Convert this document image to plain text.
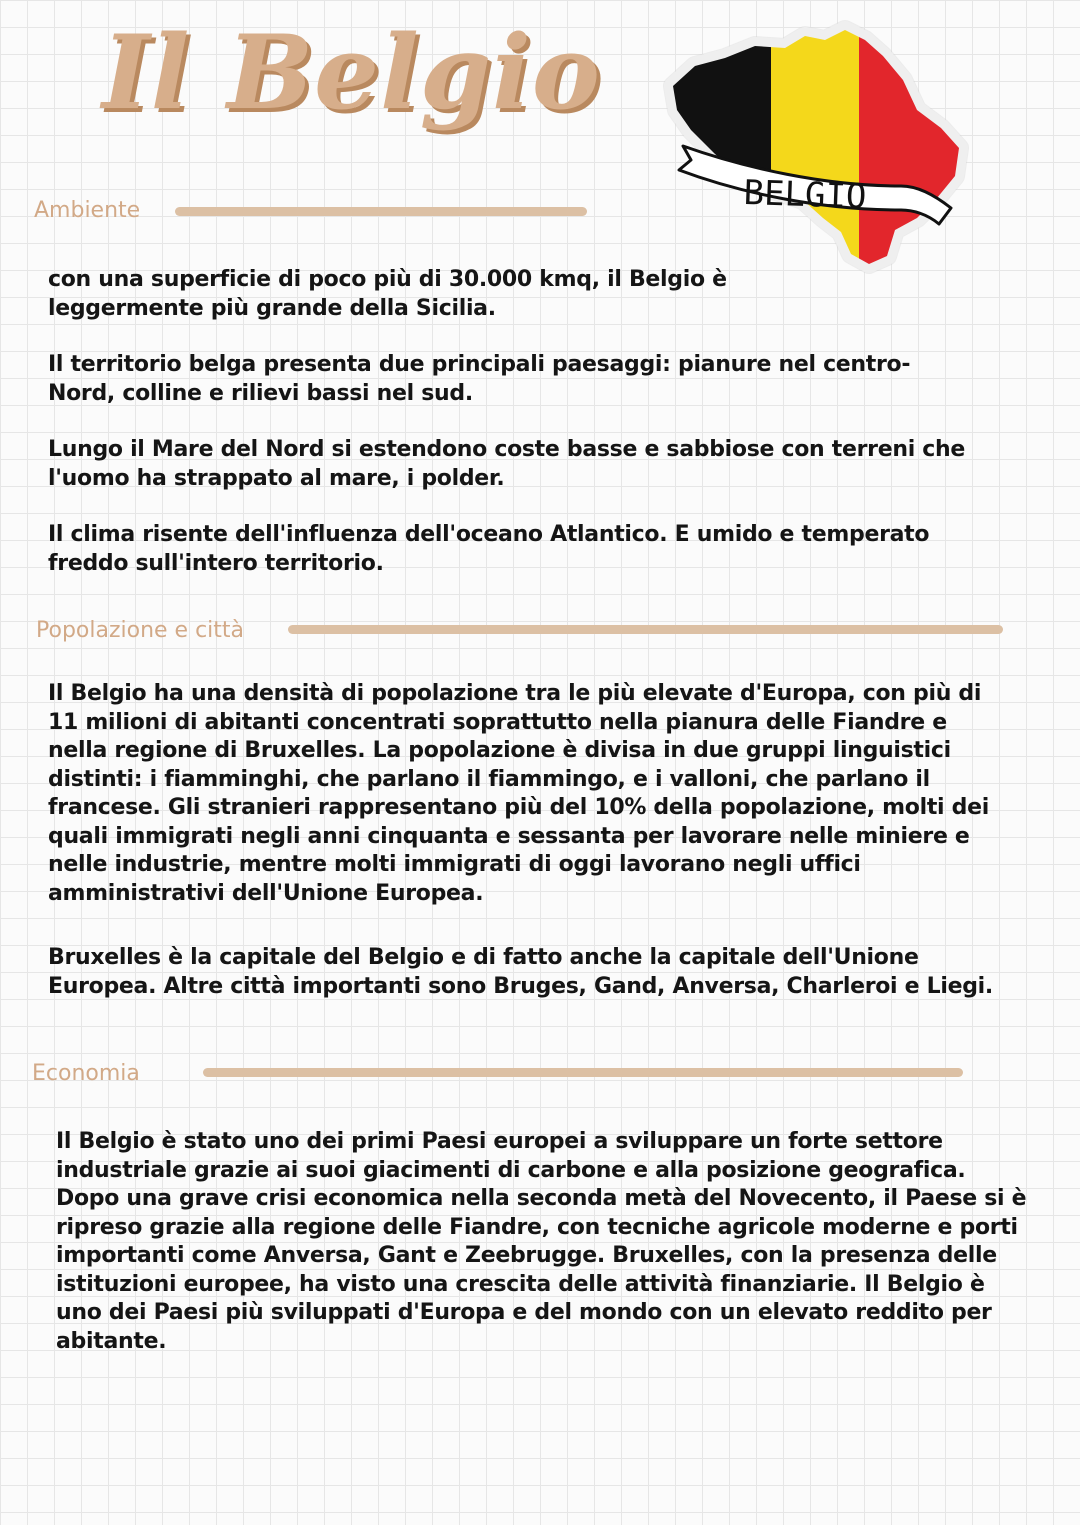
Il Belgio
BELGIO
Ambiente

con una superficie di poco più di 30.000 kmq, il Belgio è leggermente più grande della Sicilia.

Il territorio belga presenta due principali paesaggi: pianure nel centro-Nord, colline e rilievi bassi nel sud.

Lungo il Mare del Nord si estendono coste basse e sabbiose con terreni che l'uomo ha strappato al mare, i polder.

Il clima risente dell'influenza dell'oceano Atlantico. E umido e temperato freddo sull'intero territorio.

Popolazione e città

Il Belgio ha una densità di popolazione tra le più elevate d'Europa, con più di 11 milioni di abitanti concentrati soprattutto nella pianura delle Fiandre e nella regione di Bruxelles. La popolazione è divisa in due gruppi linguistici distinti: i fiamminghi, che parlano il fiammingo, e i valloni, che parlano il francese. Gli stranieri rappresentano più del 10% della popolazione, molti dei quali immigrati negli anni cinquanta e sessanta per lavorare nelle miniere e nelle industrie, mentre molti immigrati di oggi lavorano negli uffici amministrativi dell'Unione Europea.

Bruxelles è la capitale del Belgio e di fatto anche la capitale dell'Unione Europea. Altre città importanti sono Bruges, Gand, Anversa, Charleroi e Liegi.

Economia

Il Belgio è stato uno dei primi Paesi europei a sviluppare un forte settore industriale grazie ai suoi giacimenti di carbone e alla posizione geografica. Dopo una grave crisi economica nella seconda metà del Novecento, il Paese si è ripreso grazie alla regione delle Fiandre, con tecniche agricole moderne e porti importanti come Anversa, Gant e Zeebrugge. Bruxelles, con la presenza delle istituzioni europee, ha visto una crescita delle attività finanziarie. Il Belgio è uno dei Paesi più sviluppati d'Europa e del mondo con un elevato reddito per abitante.
